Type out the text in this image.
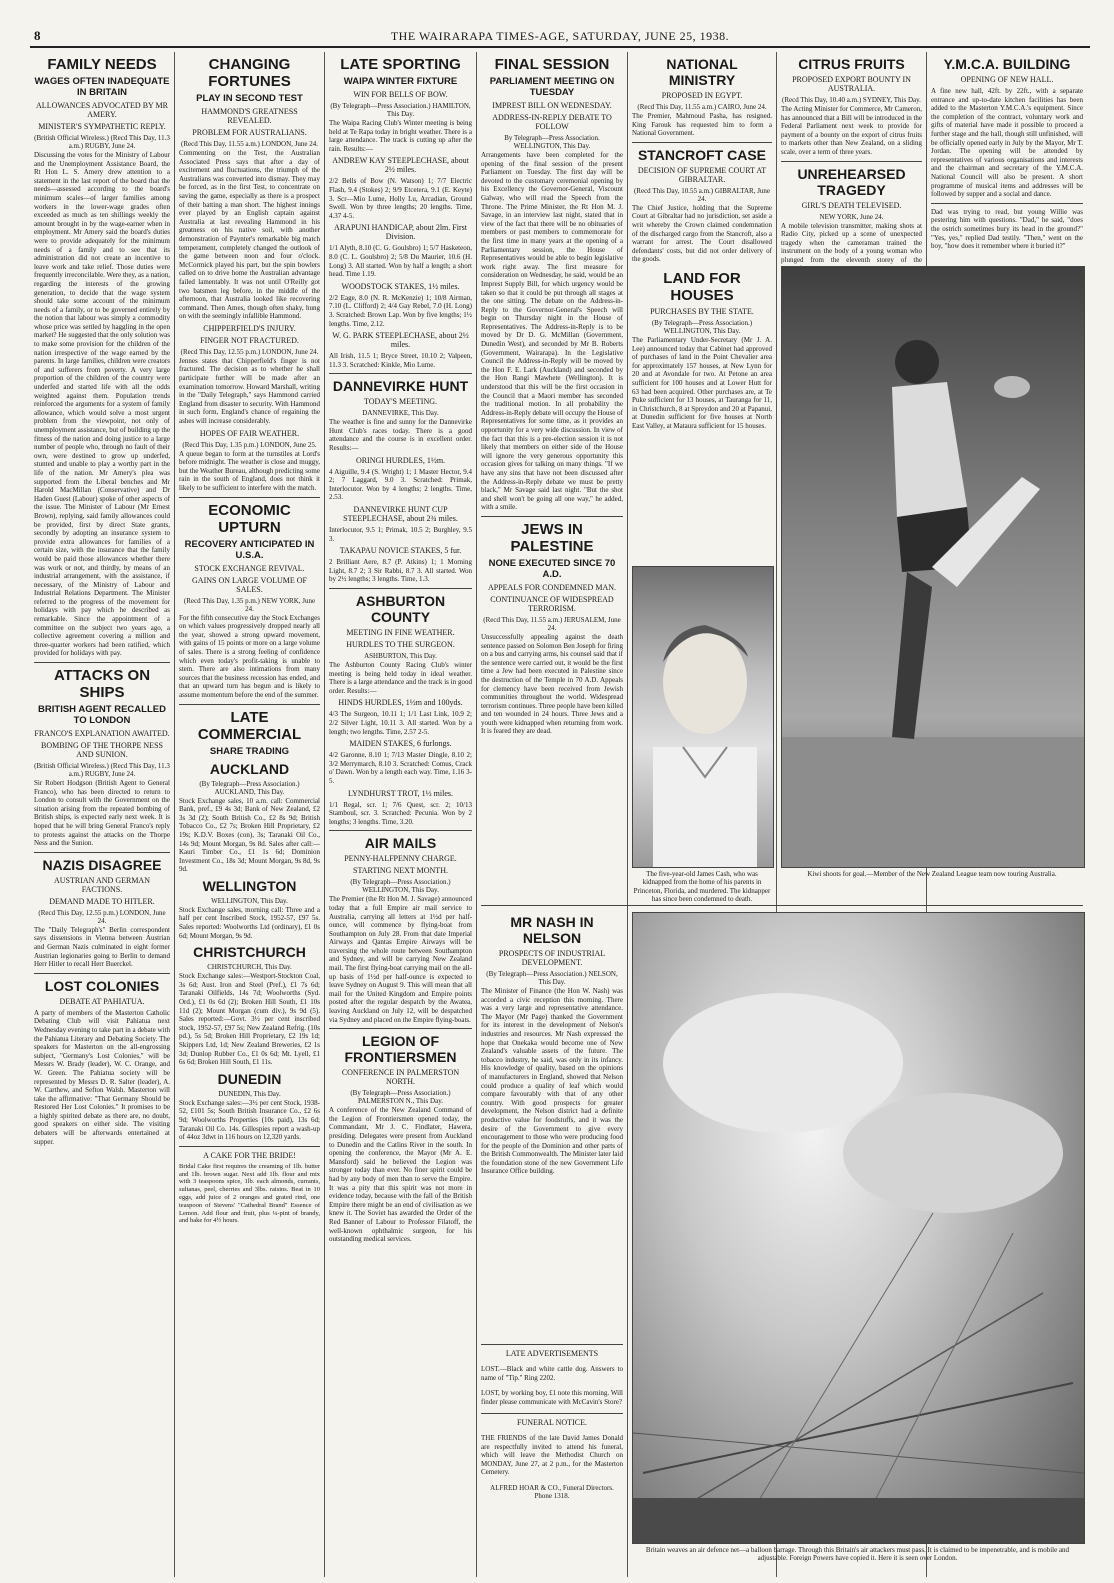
8	THE WAIRARAPA TIMES-AGE, SATURDAY, JUNE 25, 1938.
FAMILY NEEDS
WAGES OFTEN INADEQUATE IN BRITAIN
ALLOWANCES ADVOCATED BY MR AMERY.
MINISTER'S SYMPATHETIC REPLY.
(British Official Wireless.) (Recd This Day, 11.3 a.m.) RUGBY, June 24.

Discussing the votes for the Ministry of Labour and the Unemployment Assistance Board, the Rt Hon L. S. Amery drew attention to a statement in the last report of the board that the needs—assessed according to the board's minimum scales—of larger families among workers in the lower-wage grades often exceeded as much as ten shillings weekly the amount brought in by the wage-earner when in employment. Mr Amery said the board's duties were to provide adequately for the minimum needs of a family and to see that its administration did not create an incentive to leave work and take relief. Those duties were frequently irreconcilable. Were they, as a nation, regarding the interests of the growing generation, to decide that the wage system should take some account of the minimum needs of a family, or to be governed entirely by the notion that labour was simply a commodity whose price was settled by haggling in the open market? He suggested that the only solution was to make some provision for the children of the nation irrespective of the wage earned by the parents. In large families, children were creators of and sufferers from poverty. A very large proportion of the children of the country were underfed and started life with all the odds weighted against them. Population trends reinforced the arguments for a system of family allowance, which would solve a most urgent problem from the viewpoint, not only of unemployment assistance, but of building up the fitness of the nation and doing justice to a large number of people who, through no fault of their own, were destined to grow up underfed, stunted and unable to play a worthy part in the life of the nation. Mr Amery's plea was supported from the Liberal benches and Mr Harold MacMillan (Conservative) and Dr Haden Guest (Labour) spoke of other aspects of the issue. The Minister of Labour (Mr Ernest Brown), replying, said family allowances could be provided, first by direct State grants, secondly by adopting an insurance system to provide extra allowances for families of a certain size, with the insurance that the family would be paid those allowances whether there was work or not, and thirdly, by means of an industrial arrangement, with the assistance, if necessary, of the Ministry of Labour and Industrial Relations Department. The Minister referred to the progress of the movement for holidays with pay which he described as remarkable. Since the appointment of a committee on the subject two years ago, a collective agreement covering a million and three-quarter workers had been ratified, which provided for holidays with pay.

ATTACKS ON SHIPS
BRITISH AGENT RECALLED TO LONDON
FRANCO'S EXPLANATION AWAITED.
BOMBING OF THE THORPE NESS AND SUNION.
(British Official Wireless.) (Recd This Day, 11.3 a.m.) RUGBY, June 24.

Sir Robert Hodgson (British Agent to General Franco), who has been directed to return to London to consult with the Government on the situation arising from the repeated bombing of British ships, is expected early next week. It is hoped that he will bring General Franco's reply to protests against the attacks on the Thorpe Ness and the Sunion.

NAZIS DISAGREE
AUSTRIAN AND GERMAN FACTIONS.
DEMAND MADE TO HITLER.
(Recd This Day, 12.55 p.m.) LONDON, June 24.

The "Daily Telegraph's" Berlin correspondent says dissensions in Vienna between Austrian and German Nazis culminated in eight former Austrian legionaries going to Berlin to demand Herr Hitler to recall Herr Buerckel.

LOST COLONIES
DEBATE AT PAHIATUA.

A party of members of the Masterton Catholic Debating Club will visit Pahiatua next Wednesday evening to take part in a debate with the Pahiatua Literary and Debating Society. The speakers for Masterton on the all-engrossing subject, "Germany's Lost Colonies," will be Messrs W. Brady (leader), W. C. Orange, and W. Green. The Pahiatua society will be represented by Messrs D. R. Salter (leader), A. W. Carthew, and Sefton Walsh. Masterton will take the affirmative: "That Germany Should be Restored Her Lost Colonies." It promises to be a highly spirited debate as there are, no doubt, good speakers on either side. The visiting debaters will be afterwards entertained at supper.

CHANGING FORTUNES
PLAY IN SECOND TEST
HAMMOND'S GREATNESS REVEALED.
PROBLEM FOR AUSTRALIANS.
(Recd This Day, 11.55 a.m.) LONDON, June 24.

Commenting on the Test, the Australian Associated Press says that after a day of excitement and fluctuations, the triumph of the Australians was converted into dismay. They may be forced, as in the first Test, to concentrate on saving the game, especially as there is a prospect of their batting a man short. The highest innings ever played by an English captain against Australia at last revealing Hammond in his greatness on his native soil, with another demonstration of Paynter's remarkable big match temperament, completely changed the outlook of the game between noon and four o'clock. McCormick played his part, but the spin bowlers called on to drive home the Australian advantage failed lamentably. It was not until O'Reilly got two batsmen leg before, in the middle of the afternoon, that Australia looked like recovering command. Then Ames, though often shaky, hung on with the seemingly infallible Hammond.

CHIPPERFIELD'S INJURY.
FINGER NOT FRACTURED.
(Recd This Day, 12.55 p.m.) LONDON, June 24.

Jennes states that Chipperfield's finger is not fractured. The decision as to whether he shall participate further will be made after an examination tomorrow. Howard Marshall, writing in the "Daily Telegraph," says Hammond carried England from disaster to security. With Hammond in such form, England's chance of regaining the ashes will increase considerably.

HOPES OF FAIR WEATHER.
(Recd This Day, 1.35 p.m.) LONDON, June 25.

A queue began to form at the turnstiles at Lord's before midnight. The weather is close and muggy, but the Weather Bureau, although predicting some rain in the south of England, does not think it likely to be sufficient to interfere with the match.

ECONOMIC UPTURN
RECOVERY ANTICIPATED IN U.S.A.
STOCK EXCHANGE REVIVAL.
GAINS ON LARGE VOLUME OF SALES.
(Recd This Day, 1.35 p.m.) NEW YORK, June 24.

For the fifth consecutive day the Stock Exchanges on which values progressively dropped nearly all the year, showed a strong upward movement, with gains of 15 points or more on a large volume of sales. There is a strong feeling of confidence which even today's profit-taking is unable to stem. There are also intimations from many sources that the business recession has ended, and that an upward turn has begun and is likely to assume momentum before the end of the summer.

LATE COMMERCIAL
SHARE TRADING
AUCKLAND
(By Telegraph—Press Association.) AUCKLAND, This Day.

Stock Exchange sales, 10 a.m. call: Commercial Bank, pref., £9 4s 3d; Bank of New Zealand, £2 3s 3d (2); South British Co., £2 8s 9d; British Tobacco Co., £2 7s; Broken Hill Proprietary, £2 19s; K.D.V. Boxes (con), 3s; Taranaki Oil Co., 14s 9d; Mount Morgan, 9s 8d. Sales after call:—Kauri Timber Co., £1 1s 6d; Dominion Investment Co., 18s 3d; Mount Morgan, 9s 8d, 9s 9d.

WELLINGTON
WELLINGTON, This Day.

Stock Exchange sales, morning call: Three and a half per cent Inscribed Stock, 1952-57, £97 5s. Sales reported: Woolworths Ltd (ordinary), £1 0s 6d; Mount Morgan, 9s 9d.

CHRISTCHURCH
CHRISTCHURCH, This Day.

Stock Exchange sales:—Westport-Stockton Coal, 3s 6d; Aust. Iron and Steel (Pref.), £1 7s 6d; Taranaki Oilfields, 14s 7d; Woolworths (Syd. Ord.), £1 0s 6d (2); Broken Hill South, £1 10s 11d (2); Mount Morgan (cum div.), 9s 9d (5). Sales reported:—Govt. 3½ per cent inscribed stock, 1952-57, £97 5s; New Zealand Refrig. (10s pd.), 5s 5d; Broken Hill Proprietary, £2 19s 1d; Skippers Ltd, 1d; New Zealand Breweries, £2 1s 3d; Dunlop Rubber Co., £1 0s 6d; Mt. Lyell, £1 6s 6d; Broken Hill South, £1 11s.

DUNEDIN
DUNEDIN, This Day.

Stock Exchange sales:—3½ per cent Stock, 1938-52, £101 5s; South British Insurance Co., £2 6s 9d; Woolworths Properties (10s paid), 13s 6d; Taranaki Oil Co. 14s. Gillespies report a wash-up of 44oz 3dwt in 116 hours on 12,320 yards.

A CAKE FOR THE BRIDE!

Bridal Cake first requires the creaming of 1lb. butter and 1lb. brown sugar. Next add 1lb. flour and mix with 3 teaspoons spice, 1lb. each almonds, currants, sultanas, peel, cherries and 3lbs. raisins. Beat in 10 eggs, add juice of 2 oranges and grated rind, one teaspoon of Stevens' "Cathedral Brand" Essence of Lemon. Add flour and fruit, plus ¼-pint of brandy, and bake for 4½ hours.

LATE SPORTING
WAIPA WINTER FIXTURE
WIN FOR BELLS OF BOW.
(By Telegraph—Press Association.) HAMILTON, This Day.

The Waipa Racing Club's Winter meeting is being held at Te Rapa today in bright weather. There is a large attendance. The track is cutting up after the rain. Results:—

ANDREW KAY STEEPLECHASE, about 2½ miles.

2/2 Bells of Bow (N. Watson) 1; 7/7 Electric Flash, 9.4 (Stokes) 2; 9/9 Etcetera, 9.1 (E. Keyte) 3. Scr—Mio Lume, Holly Lu, Arcadian, Ground Swell. Won by three lengths; 20 lengths. Time, 4.37 4-5.

ARAPUNI HANDICAP, about 2lm. First Division.

1/1 Alyth, 8.10 (C. G. Goulsbro) 1; 5/7 Hasketeon, 8.0 (C. L. Goulsbro) 2; 5/8 Du Maurier, 10.6 (H. Long) 3. All started. Won by half a length; a short head. Time 1.19.

WOODSTOCK STAKES, 1½ miles.

2/2 Eage, 8.0 (N. R. McKenzie) 1; 10/8 Airman, 7.10 (L. Clifford) 2; 4/4 Gay Rebel, 7.0 (H. Long) 3. Scratched: Brown Lap. Won by five lengths; 1½ lengths. Time, 2.12.

W. G. PARK STEEPLECHASE, about 2½ miles.

All Irish, 11.5 1; Bryce Street, 10.10 2; Valpeen, 11.3 3. Scratched: Kinkle, Mio Lume.

DANNEVIRKE HUNT
TODAY'S MEETING.
DANNEVIRKE, This Day.

The weather is fine and sunny for the Dannevirke Hunt Club's races today. There is a good attendance and the course is in excellent order. Results:—

ORINGI HURDLES, 1½m.

4 Aiguille, 9.4 (S. Wright) 1; 1 Master Hector, 9.4 2; 7 Laggard, 9.0 3. Scratched: Primak, Interlocutor. Won by 4 lengths; 2 lengths. Time, 2.53.

DANNEVIRKE HUNT CUP STEEPLECHASE, about 2¾ miles.

Interlocutor, 9.5 1; Primak, 10.5 2; Burghley, 9.5 3.

TAKAPAU NOVICE STAKES, 5 fur.

2 Brilliant Aere, 8.7 (P. Atkins) 1; 1 Morning Light, 8.7 2; 3 Sir Rabbi, 8.7 3. All started. Won by 2½ lengths; 3 lengths. Time, 1.3.

ASHBURTON COUNTY
MEETING IN FINE WEATHER.
HURDLES TO THE SURGEON.
ASHBURTON, This Day.

The Ashburton County Racing Club's winter meeting is being held today in ideal weather. There is a large attendance and the track is in good order. Results:—

HINDS HURDLES, 1½m and 100yds.

4/3 The Surgeon, 10.11 1; 1/1 Last Link, 10.9 2; 2/2 Silver Light, 10.11 3. All started. Won by a length; two lengths. Time, 2.57 2-5.

MAIDEN STAKES, 6 furlongs.

4/2 Garonne, 8.10 1; 7/13 Master Dingle, 8.10 2; 3/2 Merrymarch, 8.10 3. Scratched: Comus, Crack o' Dawn. Won by a length each way. Time, 1.16 3-5.

LYNDHURST TROT, 1½ miles.

1/1 Regal, scr. 1; 7/6 Quest, scr. 2; 10/13 Stamboul, scr. 3. Scratched: Pecunia. Won by 2 lengths; 3 lengths. Time, 3.20.

AIR MAILS
PENNY-HALFPENNY CHARGE.
STARTING NEXT MONTH.
(By Telegraph—Press Association.) WELLINGTON, This Day.

The Premier (the Rt Hon M. J. Savage) announced today that a full Empire air mail service to Australia, carrying all letters at 1½d per half-ounce, will commence by flying-boat from Southampton on July 28. From that date Imperial Airways and Qantas Empire Airways will be traversing the whole route between Southampton and Sydney, and will be carrying New Zealand mail. The first flying-boat carrying mail on the all-up basis of 1½d per half-ounce is expected to leave Sydney on August 9. This will mean that all mail for the United Kingdom and Empire points posted after the regular despatch by the Awatea, leaving Auckland on July 12, will be despatched via Sydney and placed on the Empire flying-boats.

LEGION OF FRONTIERSMEN
CONFERENCE IN PALMERSTON NORTH.
(By Telegraph—Press Association.) PALMERSTON N., This Day.

A conference of the New Zealand Command of the Legion of Frontiersmen opened today, the Commandant, Mr J. C. Findlater, Hawera, presiding. Delegates were present from Auckland to Dunedin and the Catlins River in the south. In opening the conference, the Mayor (Mr A. E. Mansford) said he believed the Legion was stronger today than ever. No finer spirit could be had by any body of men than to serve the Empire. It was a pity that this spirit was not more in evidence today, because with the fall of the British Empire there might be an end of civilisation as we knew it. The Soviet has awarded the Order of the Red Banner of Labour to Professor Filatoff, the well-known ophthalmic surgeon, for his outstanding medical services.

FINAL SESSION
PARLIAMENT MEETING ON TUESDAY
IMPREST BILL ON WEDNESDAY.
ADDRESS-IN-REPLY DEBATE TO FOLLOW
By Telegraph—Press Association. WELLINGTON, This Day.

Arrangements have been completed for the opening of the final session of the present Parliament on Tuesday. The first day will be devoted to the customary ceremonial opening by his Excellency the Governor-General, Viscount Galway, who will read the Speech from the Throne. The Prime Minister, the Rt Hon M. J. Savage, in an interview last night, stated that in view of the fact that there will be no obituaries of members or past members to commemorate for the first time in many years at the opening of a Parliamentary session, the House of Representatives would be able to begin legislative work right away. The first measure for consideration on Wednesday, he said, would be an Imprest Supply Bill, for which urgency would be taken so that it could be put through all stages at the one sitting. The debate on the Address-in-Reply to the Governor-General's Speech will begin on Thursday night in the House of Representatives. The Address-in-Reply is to be moved by Dr D. G. McMillan (Government, Dunedin West), and seconded by Mr B. Roberts (Government, Wairarapa). In the Legislative Council the Address-in-Reply will be moved by the Hon F. E. Lark (Auckland) and seconded by the Hon Rangi Mawhete (Wellington). It is understood that this will be the first occasion in the Council that a Maori member has seconded the traditional motion. In all probability the Address-in-Reply debate will occupy the House of Representatives for some time, as it provides an opportunity for a very wide discussion. In view of the fact that this is a pre-election session it is not likely that members on either side of the House will ignore the very generous opportunity this occasion gives for talking on many things. "If we have any sins that have not been discussed after the Address-in-Reply debate we must be pretty black," Mr Savage said last night. "But the shot and shell won't be going all one way," he added, with a smile.

JEWS IN PALESTINE
NONE EXECUTED SINCE 70 A.D.
APPEALS FOR CONDEMNED MAN.
CONTINUANCE OF WIDESPREAD TERRORISM.
(Recd This Day, 11.55 a.m.) JERUSALEM, June 24.

Unsuccessfully appealing against the death sentence passed on Solomon Ben Joseph for firing on a bus and carrying arms, his counsel said that if the sentence were carried out, it would be the first time a Jew had been executed in Palestine since the destruction of the Temple in 70 A.D. Appeals for clemency have been received from Jewish communities throughout the world. Widespread terrorism continues. Three people have been killed and ten wounded in 24 hours. Three Jews and a youth were kidnapped when returning from work. It is feared they are dead.

The five-year-old James Cash, who was kidnapped from the home of his parents in Princeton, Florida, and murdered. The kidnapper has since been condemned to death.
NATIONAL MINISTRY
PROPOSED IN EGYPT.
(Recd This Day, 11.55 a.m.) CAIRO, June 24.

The Premier, Mahmoud Pasha, has resigned. King Farouk has requested him to form a National Government.

STANCROFT CASE
DECISION OF SUPREME COURT AT GIBRALTAR.
(Recd This Day, 10.55 a.m.) GIBRALTAR, June 24.

The Chief Justice, holding that the Supreme Court at Gibraltar had no jurisdiction, set aside a writ whereby the Crown claimed condemnation of the discharged cargo from the Stancroft, also a warrant for arrest. The Court disallowed defendants' costs, but did not order delivery of the goods.

LAND FOR HOUSES
PURCHASES BY THE STATE.
(By Telegraph—Press Association.) WELLINGTON, This Day.

The Parliamentary Under-Secretary (Mr J. A. Lee) announced today that Cabinet had approved of purchases of land in the Point Chevalier area for approximately 157 houses, at New Lynn for 20 and at Avondale for two. At Petone an area sufficient for 100 houses and at Lower Hutt for 63 had been acquired. Other purchases are, at Te Puke sufficient for 13 houses, at Tauranga for 11, in Christchurch, 8 at Spreydon and 20 at Papanui, at Dunedin sufficient for five houses at North East Valley, at Mataura sufficient for 15 houses.

CITRUS FRUITS
PROPOSED EXPORT BOUNTY IN AUSTRALIA.
(Recd This Day, 10.40 a.m.) SYDNEY, This Day.

The Acting Minister for Commerce, Mr Cameron, has announced that a Bill will be introduced in the Federal Parliament next week to provide for payment of a bounty on the export of citrus fruits to markets other than New Zealand, on a sliding scale, over a term of three years.

UNREHEARSED TRAGEDY
GIRL'S DEATH TELEVISED.
NEW YORK, June 24.

A mobile television transmitter, making shots at Radio City, picked up a scene of unexpected tragedy when the cameraman trained the instrument on the body of a young woman who plunged from the eleventh storey of the

Y.M.C.A. BUILDING
OPENING OF NEW HALL.

A fine new hall, 42ft. by 22ft., with a separate entrance and up-to-date kitchen facilities has been added to the Masterton Y.M.C.A.'s equipment. Since the completion of the contract, voluntary work and gifts of material have made it possible to proceed a further stage and the hall, though still unfinished, will be officially opened early in July by the Mayor, Mr T. Jordan. The opening will be attended by representatives of various organisations and interests and the chairman and secretary of the Y.M.C.A. National Council will also be present. A short programme of musical items and addresses will be followed by supper and a social and dance.

Dad was trying to read, but young Willie was pestering him with questions. "Dad," he said, "does the ostrich sometimes bury its head in the ground?" "Yes, yes," replied Dad testily. "Then," went on the boy, "how does it remember where it buried it?"

Kiwi shoots for goal.—Member of the New Zealand League team now touring Australia.
MR NASH IN NELSON
PROSPECTS OF INDUSTRIAL DEVELOPMENT.
(By Telegraph—Press Association.) NELSON, This Day.

The Minister of Finance (the Hon W. Nash) was accorded a civic reception this morning. There was a very large and representative attendance. The Mayor (Mr Page) thanked the Government for its interest in the development of Nelson's industries and resources. Mr Nash expressed the hope that Onekaka would become one of New Zealand's valuable assets of the future. The tobacco industry, he said, was only in its infancy. His knowledge of quality, based on the opinions of manufacturers in England, showed that Nelson could produce a quality of leaf which would compare favourably with that of any other country. With good prospects for greater development, the Nelson district had a definite productive value for foodstuffs, and it was the desire of the Government to give every encouragement to those who were producing food for the people of the Dominion and other parts of the British Commonwealth. The Minister later laid the foundation stone of the new Government Life Insurance Office building.

LATE ADVERTISEMENTS

LOST.—Black and white cattle dog. Answers to name of "Tip." Ring 2202.

LOST, by working boy, £1 note this morning. Will finder please communicate with McCavin's Store?

FUNERAL NOTICE.

THE FRIENDS of the late David James Donald are respectfully invited to attend his funeral, which will leave the Methodist Church on MONDAY, June 27, at 2 p.m., for the Masterton Cemetery.

ALFRED HOAR & CO., Funeral Directors. Phone 1318.

Britain weaves an air defence net—a balloon barrage. Through this Britain's air attackers must pass. It is claimed to be impenetrable, and is mobile and adjustable. Foreign Powers have copied it. Here it is seen over London.
